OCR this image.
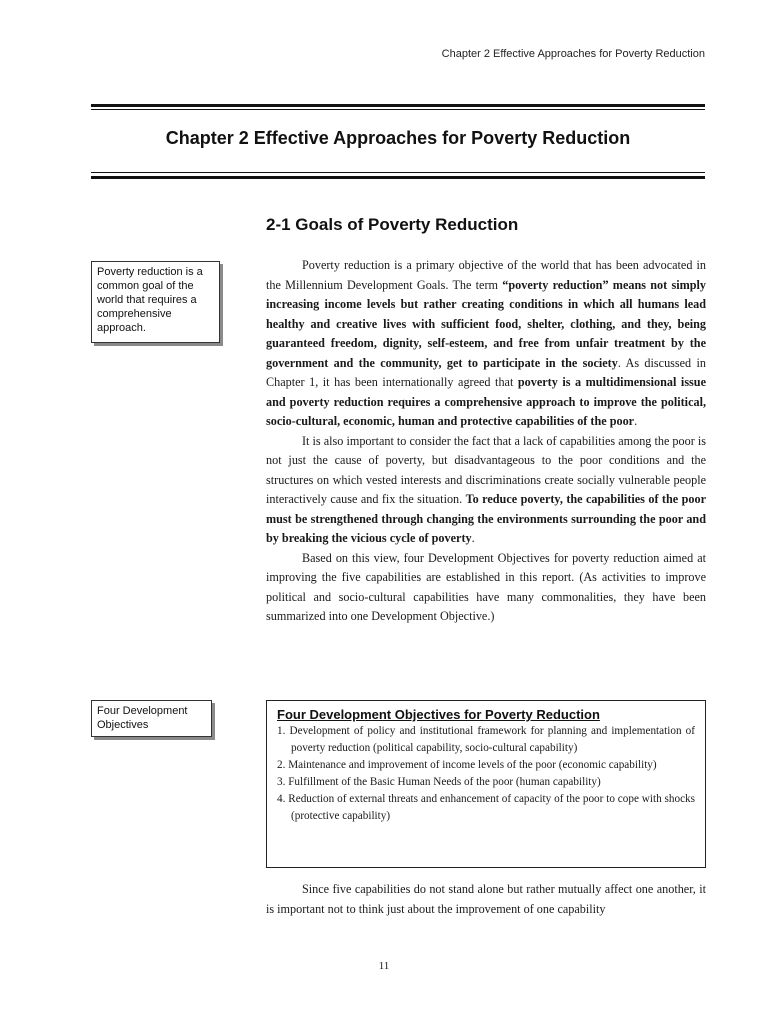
Chapter 2 Effective Approaches for Poverty Reduction
Chapter 2 Effective Approaches for Poverty Reduction
2-1 Goals of Poverty Reduction
Poverty reduction is a common goal of the world that requires a comprehensive approach.
Four Development Objectives

Poverty reduction is a primary objective of the world that has been advocated in the Millennium Development Goals. The term “poverty reduction” means not simply increasing income levels but rather creating conditions in which all humans lead healthy and creative lives with sufficient food, shelter, clothing, and they, being guaranteed freedom, dignity, self-esteem, and free from unfair treatment by the government and the community, get to participate in the society. As discussed in Chapter 1, it has been internationally agreed that poverty is a multidimensional issue and poverty reduction requires a comprehensive approach to improve the political, socio-cultural, economic, human and protective capabilities of the poor.

It is also important to consider the fact that a lack of capabilities among the poor is not just the cause of poverty, but disadvantageous to the poor conditions and the structures on which vested interests and discriminations create socially vulnerable people interactively cause and fix the situation. To reduce poverty, the capabilities of the poor must be strengthened through changing the environments surrounding the poor and by breaking the vicious cycle of poverty.

Based on this view, four Development Objectives for poverty reduction aimed at improving the five capabilities are established in this report. (As activities to improve political and socio-cultural capabilities have many commonalities, they have been summarized into one Development Objective.)

Four Development Objectives for Poverty Reduction
1. Development of policy and institutional framework for planning and implementation of poverty reduction (political capability, socio-cultural capability)
2. Maintenance and improvement of income levels of the poor (economic capability)
3. Fulfillment of the Basic Human Needs of the poor (human capability)
4. Reduction of external threats and enhancement of capacity of the poor to cope with shocks (protective capability)

Since five capabilities do not stand alone but rather mutually affect one another, it is important not to think just about the improvement of one capability

11
